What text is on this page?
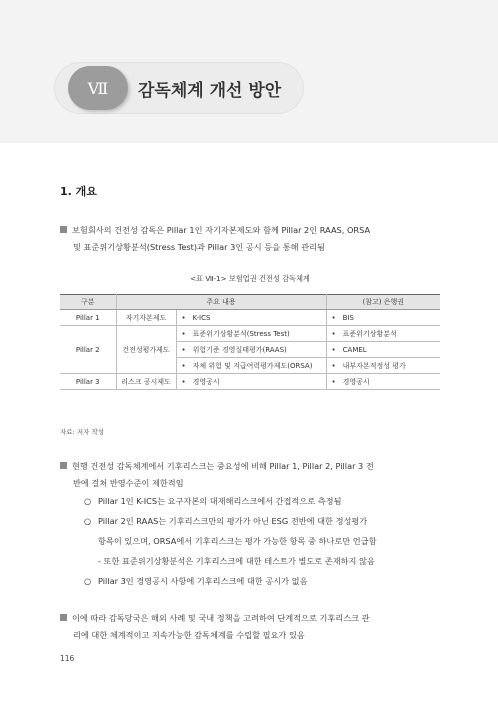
Ⅶ	감독체계 개선 방안
1. 개요
보험회사의 건전성 감독은 Pillar 1인 자기자본제도와 함께 Pillar 2인 RAAS, ORSA
및 표준위기상황분석(Stress Test)과 Pillar 3인 공시 등을 통해 관리됨
<표 Ⅶ-1> 보험업권 건전성 감독체계
구분	주요 내용		(참고) 은행권
Pillar 1	자기자본제도	• K-ICS	• BIS
Pillar 2	건전성평가제도	• 표준위기상황분석(Stress Test)	• 표준위기상황분석
		• 위험기준 경영실태평가(RAAS)	• CAMEL
		• 자체 위험 및 지급여력평가제도(ORSA)	• 내부자본적정성 평가
Pillar 3	리스크 공시제도	• 경영공시	• 경영공시
자료: 저자 작성
현행 건전성 감독체계에서 기후리스크는 중요성에 비해 Pillar 1, Pillar 2, Pillar 3 전
반에 걸쳐 반영수준이 제한적임
○ Pillar 1인 K-ICS는 요구자본의 대재해리스크에서 간접적으로 측정됨
○ Pillar 2인 RAAS는 기후리스크만의 평가가 아닌 ESG 전반에 대한 정성평가
항목이 있으며, ORSA에서 기후리스크는 평가 가능한 항목 중 하나로만 언급함
- 또한 표준위기상황분석은 기후리스크에 대한 테스트가 별도로 존재하지 않음
○ Pillar 3인 경영공시 사항에 기후리스크에 대한 공시가 없음
이에 따라 감독당국은 해외 사례 및 국내 정책을 고려하여 단계적으로 기후리스크 관
리에 대한 체계적이고 지속가능한 감독체계를 수립할 필요가 있음
116
